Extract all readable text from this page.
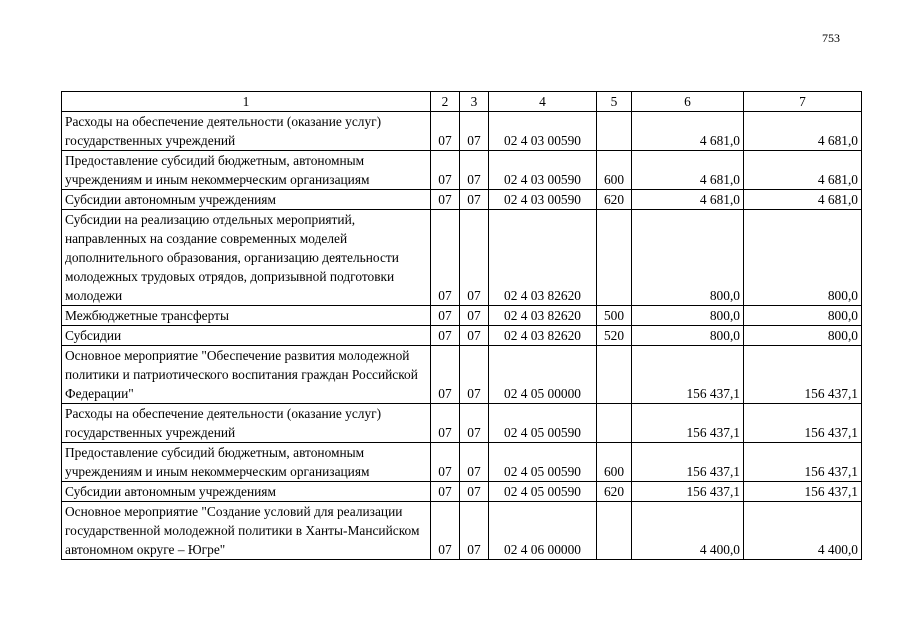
753
1	2	3	4	5	6	7
Расходы на обеспечение деятельности (оказание услуг) государственных учреждений	07	07	02 4 03 00590		4 681,0	4 681,0
Предоставление субсидий бюджетным, автономным учреждениям и иным некоммерческим организациям	07	07	02 4 03 00590	600	4 681,0	4 681,0
Субсидии автономным учреждениям	07	07	02 4 03 00590	620	4 681,0	4 681,0
Субсидии на реализацию отдельных мероприятий, направленных на создание современных моделей дополнительного образования, организацию деятельности молодежных трудовых отрядов, допризывной подготовки молодежи	07	07	02 4 03 82620		800,0	800,0
Межбюджетные трансферты	07	07	02 4 03 82620	500	800,0	800,0
Субсидии	07	07	02 4 03 82620	520	800,0	800,0
Основное мероприятие "Обеспечение развития молодежной политики и патриотического воспитания граждан Российской Федерации"	07	07	02 4 05 00000		156 437,1	156 437,1
Расходы на обеспечение деятельности (оказание услуг) государственных учреждений	07	07	02 4 05 00590		156 437,1	156 437,1
Предоставление субсидий бюджетным, автономным учреждениям и иным некоммерческим организациям	07	07	02 4 05 00590	600	156 437,1	156 437,1
Субсидии автономным учреждениям	07	07	02 4 05 00590	620	156 437,1	156 437,1
Основное мероприятие "Создание условий для реализации государственной молодежной политики в Ханты-Мансийском автономном округе – Югре"	07	07	02 4 06 00000		4 400,0	4 400,0
